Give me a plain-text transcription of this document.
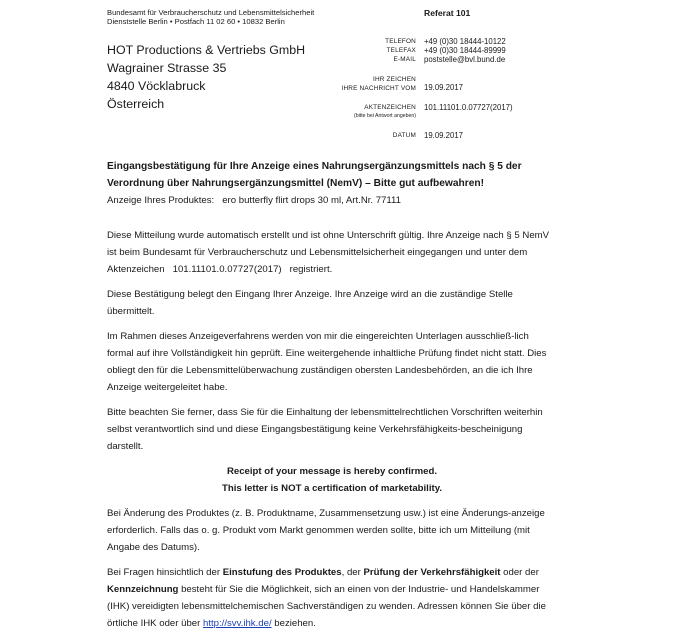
Bundesamt für Verbraucherschutz und Lebensmittelsicherheit
Dienststelle Berlin • Postfach 11 02 60 • 10832 Berlin
Referat 101
HOT Productions & Vertriebs GmbH
Wagrainer Strasse 35
4840 Vöcklabruck
Österreich
TELEFON +49 (0)30 18444-10122
TELEFAX +49 (0)30 18444-89999
E-MAIL poststelle@bvl.bund.de
IHR ZEICHEN
IHRE NACHRICHT VOM 19.09.2017
AKTENZEICHEN 101.11101.0.07727(2017)
(bitte bei Antwort angeben)
DATUM 19.09.2017

Eingangsbestätigung für Ihre Anzeige eines Nahrungsergänzungsmittels nach § 5 der Verordnung über Nahrungsergänzungsmittel (NemV) – Bitte gut aufbewahren!

Anzeige Ihres Produktes: ero butterfly flirt drops 30 ml, Art.Nr. 77111

Diese Mitteilung wurde automatisch erstellt und ist ohne Unterschrift gültig. Ihre Anzeige nach § 5 NemV ist beim Bundesamt für Verbraucherschutz und Lebensmittelsicherheit eingegangen und unter dem Aktenzeichen 101.11101.0.07727(2017) registriert.

Diese Bestätigung belegt den Eingang Ihrer Anzeige. Ihre Anzeige wird an die zuständige Stelle übermittelt.

Im Rahmen dieses Anzeigeverfahrens werden von mir die eingereichten Unterlagen ausschließ-lich formal auf ihre Vollständigkeit hin geprüft. Eine weitergehende inhaltliche Prüfung findet nicht statt. Dies obliegt den für die Lebensmittelüberwachung zuständigen obersten Landesbehörden, an die ich Ihre Anzeige weitergeleitet habe.

Bitte beachten Sie ferner, dass Sie für die Einhaltung der lebensmittelrechtlichen Vorschriften weiterhin selbst verantwortlich sind und diese Eingangsbestätigung keine Verkehrsfähigkeits-bescheinigung darstellt.

Receipt of your message is hereby confirmed.

This letter is NOT a certification of marketability.

Bei Änderung des Produktes (z. B. Produktname, Zusammensetzung usw.) ist eine Änderungs-anzeige erforderlich. Falls das o. g. Produkt vom Markt genommen werden sollte, bitte ich um Mitteilung (mit Angabe des Datums).

Bei Fragen hinsichtlich der Einstufung des Produktes, der Prüfung der Verkehrsfähigkeit oder der Kennzeichnung besteht für Sie die Möglichkeit, sich an einen von der Industrie- und Handelskammer (IHK) vereidigten lebensmittelchemischen Sachverständigen zu wenden. Adressen können Sie über die örtliche IHK oder über http://svv.ihk.de/ beziehen.
